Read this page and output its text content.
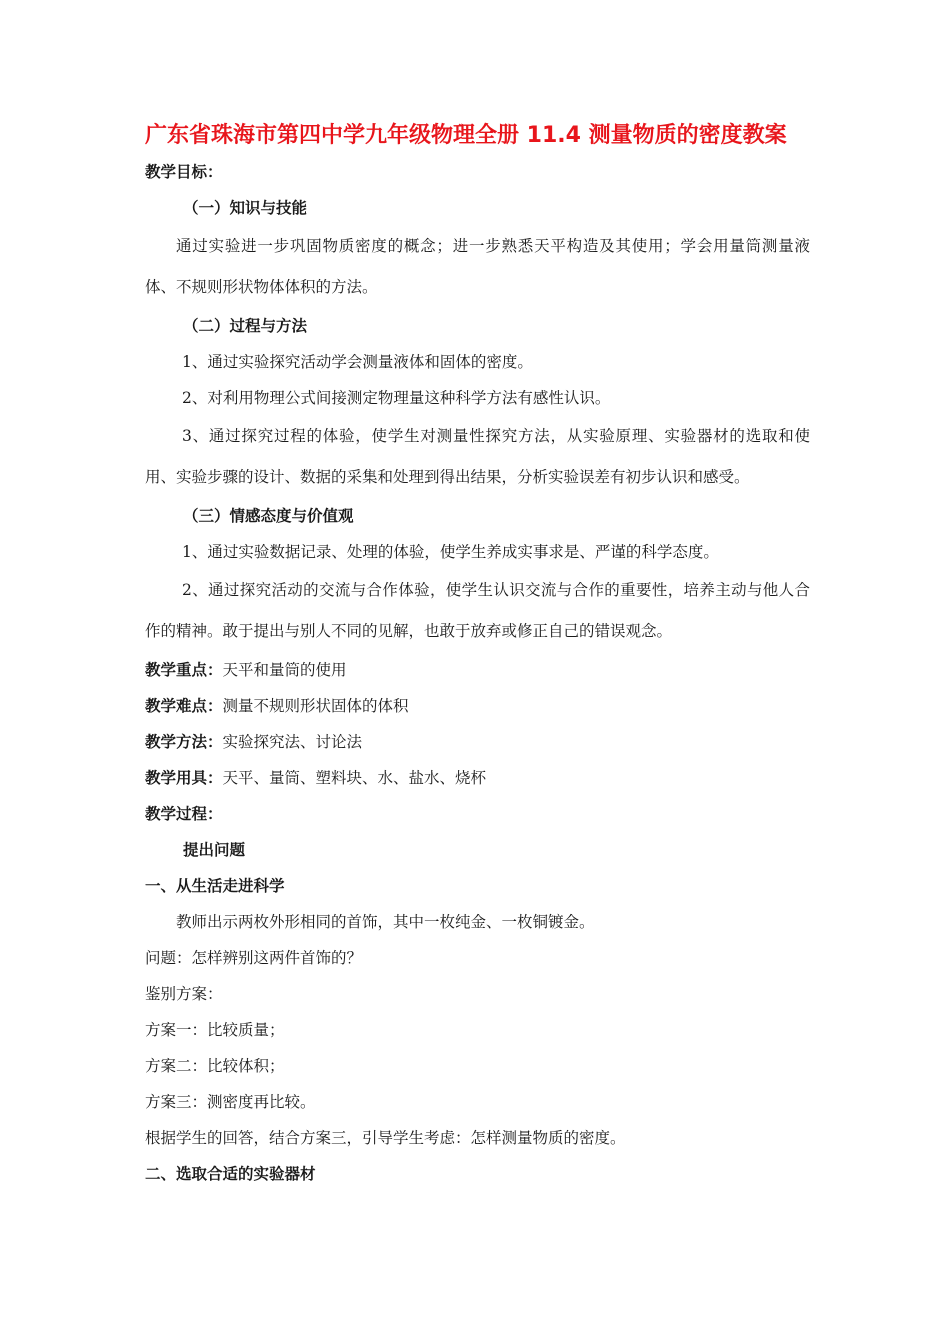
广东省珠海市第四中学九年级物理全册 11.4 测量物质的密度教案
教学目标：
（一）知识与技能

通过实验进一步巩固物质密度的概念；进一步熟悉天平构造及其使用；学会用量筒测量液体、不规则形状物体体积的方法。

（二）过程与方法
1、通过实验探究活动学会测量液体和固体的密度。
2、对利用物理公式间接测定物理量这种科学方法有感性认识。

3、通过探究过程的体验，使学生对测量性探究方法，从实验原理、实验器材的选取和使用、实验步骤的设计、数据的采集和处理到得出结果，分析实验误差有初步认识和感受。

（三）情感态度与价值观
1、通过实验数据记录、处理的体验，使学生养成实事求是、严谨的科学态度。

2、通过探究活动的交流与合作体验，使学生认识交流与合作的重要性，培养主动与他人合作的精神。敢于提出与别人不同的见解，也敢于放弃或修正自己的错误观念。

教学重点：天平和量筒的使用
教学难点：测量不规则形状固体的体积
教学方法：实验探究法、讨论法
教学用具：天平、量筒、塑料块、水、盐水、烧杯
教学过程：
提出问题
一、从生活走进科学
教师出示两枚外形相同的首饰，其中一枚纯金、一枚铜镀金。
问题：怎样辨别这两件首饰的？
鉴别方案：
方案一：比较质量；
方案二：比较体积；
方案三：测密度再比较。
根据学生的回答，结合方案三，引导学生考虑：怎样测量物质的密度。
二、选取合适的实验器材
